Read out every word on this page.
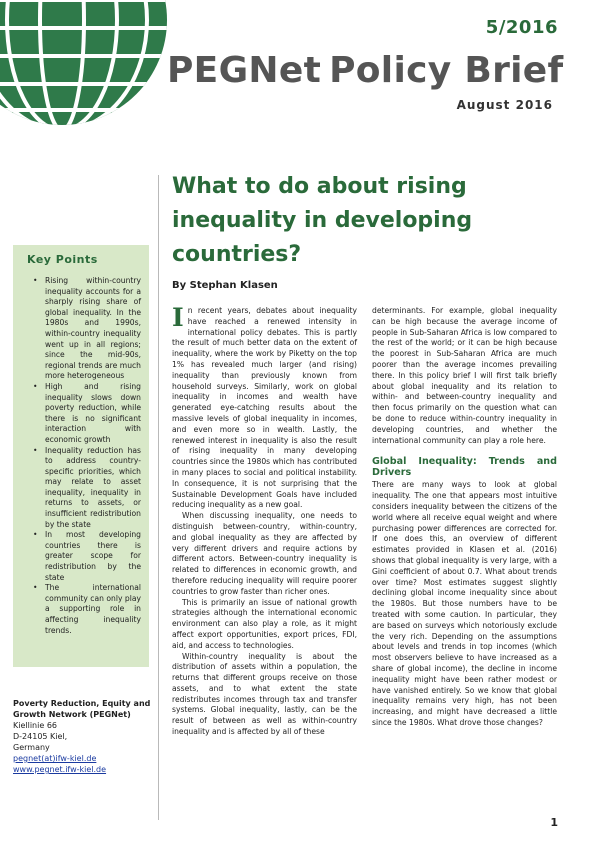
5/2016
PEGNet Policy Brief
August 2016
What to do about rising inequality in developing countries?
By Stephan Klasen
Key Points
• Rising within-country inequality accounts for a sharply rising share of global inequality. In the 1980s and 1990s, within-country inequality went up in all regions; since the mid-90s, regional trends are much more heterogeneous
• High and rising inequality slows down poverty reduction, while there is no significant interaction with economic growth
• Inequality reduction has to address country-specific priorities, which may relate to asset inequality, inequality in returns to assets, or insufficient redistribution by the state
• In most developing countries there is greater scope for redistribution by the state
• The international community can only play a supporting role in affecting inequality trends.
Poverty Reduction, Equity and Growth Network (PEGNet)
Kiellinie 66
D-24105 Kiel,
Germany
pegnet(at)ifw-kiel.de
www.pegnet.ifw-kiel.de

In recent years, debates about inequality have reached a renewed intensity in international policy debates. This is partly the result of much better data on the extent of inequality, where the work by Piketty on the top 1% has revealed much larger (and rising) inequality than previously known from household surveys. Similarly, work on global inequality in incomes and wealth have generated eye-catching results about the massive levels of global inequality in incomes, and even more so in wealth. Lastly, the renewed interest in inequality is also the result of rising inequality in many developing countries since the 1980s which has contributed in many places to social and political instability. In consequence, it is not surprising that the Sustainable Development Goals have included reducing inequality as a new goal.

When discussing inequality, one needs to distinguish between-country, within-country, and global inequality as they are affected by very different drivers and require actions by different actors. Between-country inequality is related to differences in economic growth, and therefore reducing inequality will require poorer countries to grow faster than richer ones.

This is primarily an issue of national growth strategies although the international economic environment can also play a role, as it might affect export opportunities, export prices, FDI, aid, and access to technologies.

Within-country inequality is about the distribution of assets within a population, the returns that different groups receive on those assets, and to what extent the state redistributes incomes through tax and transfer systems. Global inequality, lastly, can be the result of between as well as within-country inequality and is affected by all of these

determinants. For example, global inequality can be high because the average income of people in Sub-Saharan Africa is low compared to the rest of the world; or it can be high because the poorest in Sub-Saharan Africa are much poorer than the average incomes prevailing there. In this policy brief I will first talk briefly about global inequality and its relation to within- and between-country inequality and then focus primarily on the question what can be done to reduce within-country inequality in developing countries, and whether the international community can play a role here.

Global Inequality: Trends and Drivers

There are many ways to look at global inequality. The one that appears most intuitive considers inequality between the citizens of the world where all receive equal weight and where purchasing power differences are corrected for. If one does this, an overview of different estimates provided in Klasen et al. (2016) shows that global inequality is very large, with a Gini coefficient of about 0.7. What about trends over time? Most estimates suggest slightly declining global income inequality since about the 1980s. But those numbers have to be treated with some caution. In particular, they are based on surveys which notoriously exclude the very rich. Depending on the assumptions about levels and trends in top incomes (which most observers believe to have increased as a share of global income), the decline in income inequality might have been rather modest or have vanished entirely. So we know that global inequality remains very high, has not been increasing, and might have decreased a little since the 1980s. What drove those changes?

1
